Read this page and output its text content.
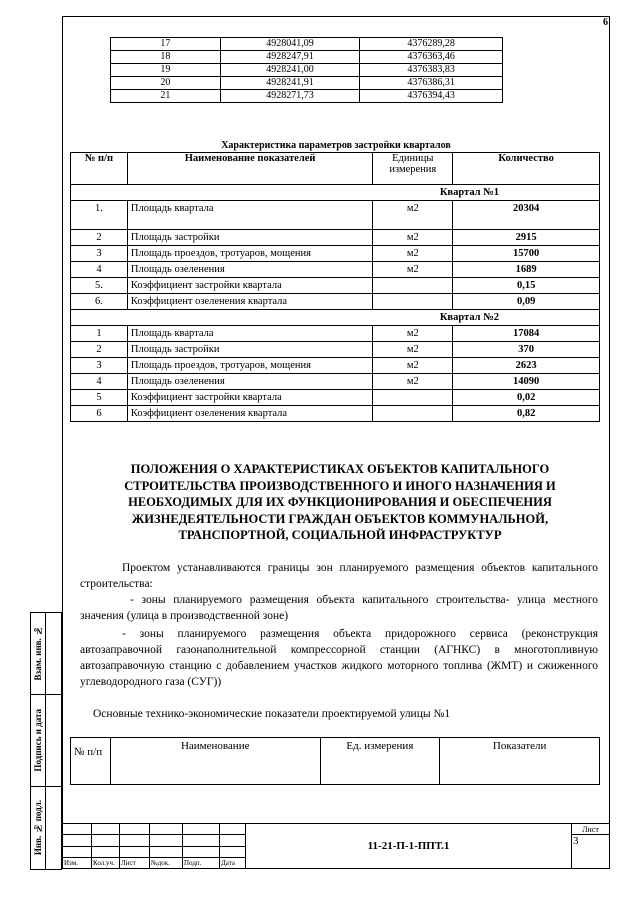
6
17	4928041,09	4376289,28
18	4928247,91	4376363,46
19	4928241,00	4376383,83
20	4928241,91	4376386,31
21	4928271,73	4376394,43
Характеристика параметров застройки кварталов
№ п/п	Наименование показателей	Единицы измерения	Количество
Квартал №1			
1.	Площадь квартала	м2	20304
2	Площадь застройки	м2	2915
3	Площадь проездов, тротуаров, мощения	м2	15700
4	Площадь озеленения	м2	1689
5.	Коэффициент застройки квартала		0,15
6.	Коэффициент озеленения квартала		0,09
Квартал №2			
1	Площадь квартала	м2	17084
2	Площадь застройки	м2	370
3	Площадь проездов, тротуаров, мощения	м2	2623
4	Площадь озеленения	м2	14090
5	Коэффициент застройки квартала		0,02
6	Коэффициент озеленения квартала		0,82
ПОЛОЖЕНИЯ О ХАРАКТЕРИСТИКАХ ОБЪЕКТОВ КАПИТАЛЬНОГО СТРОИТЕЛЬСТВА ПРОИЗВОДСТВЕННОГО И ИНОГО НАЗНАЧЕНИЯ И НЕОБХОДИМЫХ ДЛЯ ИХ ФУНКЦИОНИРОВАНИЯ И ОБЕСПЕЧЕНИЯ ЖИЗНЕДЕЯТЕЛЬНОСТИ ГРАЖДАН ОБЪЕКТОВ КОММУНАЛЬНОЙ, ТРАНСПОРТНОЙ, СОЦИАЛЬНОЙ ИНФРАСТРУКТУР
Проектом устанавливаются границы зон планируемого размещения объектов капитального строительства:
- зоны планируемого размещения объекта капитального строительства- улица местного значения (улица в производственной зоне)
- зоны планируемого размещения объекта придорожного сервиса (реконструкция автозаправочной газонаполнительной компрессорной станции (АГНКС) в многотопливную автозаправочную станцию с добавлением участков жидкого моторного топлива (ЖМТ) и сжиженного углеводородного газа (СУГ))
Основные технико-экономические показатели проектируемой улицы №1
№ п/п	Наименование	Ед. измерения	Показатели
						11-21-П-1-ППТ.1	Лист
							3

Изм.	Кол.уч.	Лист	№док.	Подп.	Дата		
Взам. инв. №	

Подпись и дата	

Инв. № подл.	
